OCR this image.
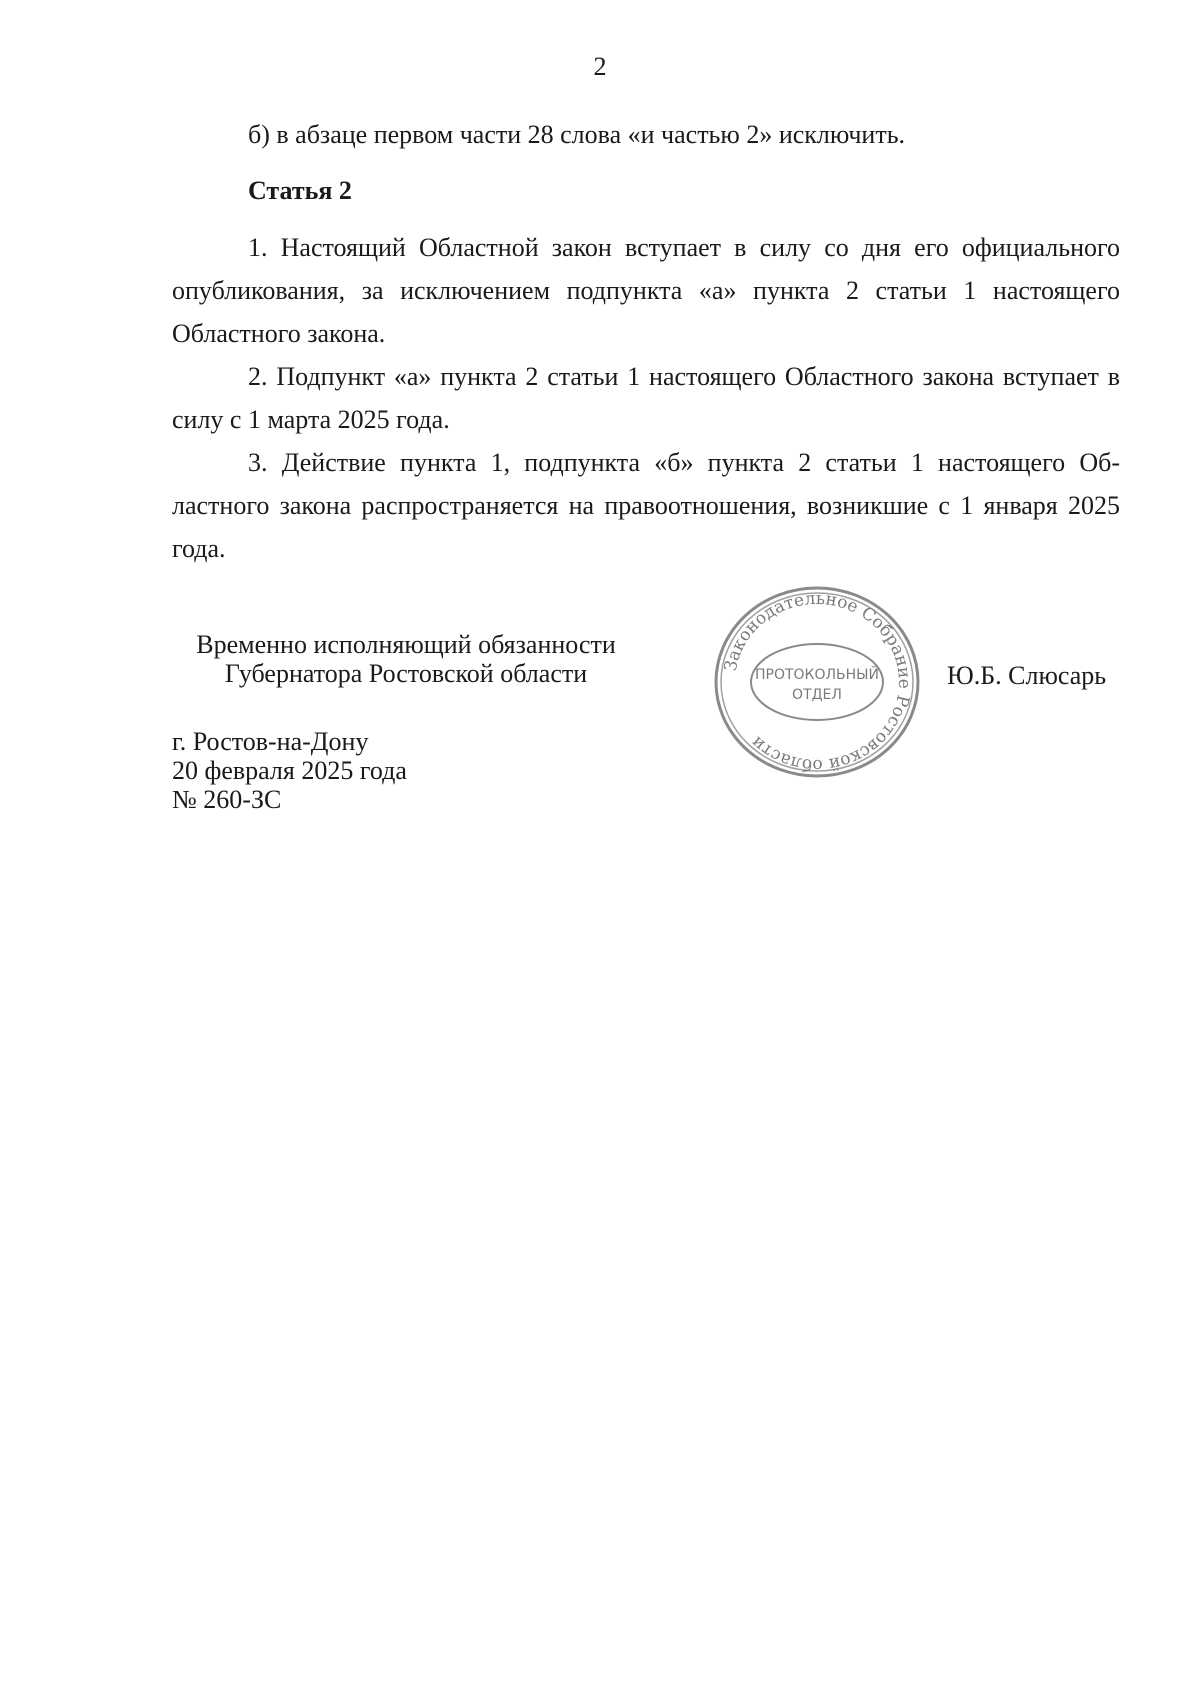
2
б) в абзаце первом части 28 слова «и частью 2» исключить.
Статья 2
1. Настоящий Областной закон вступает в силу со дня его официального опубликования, за исключением подпункта «а» пункта 2 статьи 1 настоящего Областного закона.
2. Подпункт «а» пункта 2 статьи 1 настоящего Областного закона вступает в силу с 1 марта 2025 года.
3. Действие пункта 1, подпункта «б» пункта 2 статьи 1 настоящего Областного закона распространяется на правоотношения, возникшие с 1 января 2025 года.
Временно исполняющий обязанности
Губернатора Ростовской области	Законодательное Собрание Ростовской области
ПРОТОКОЛЬНЫЙ
ОТДЕЛ
Ю.Б. Слюсарь
г. Ростов-на-Дону
20 февраля 2025 года
№ 260-ЗС
